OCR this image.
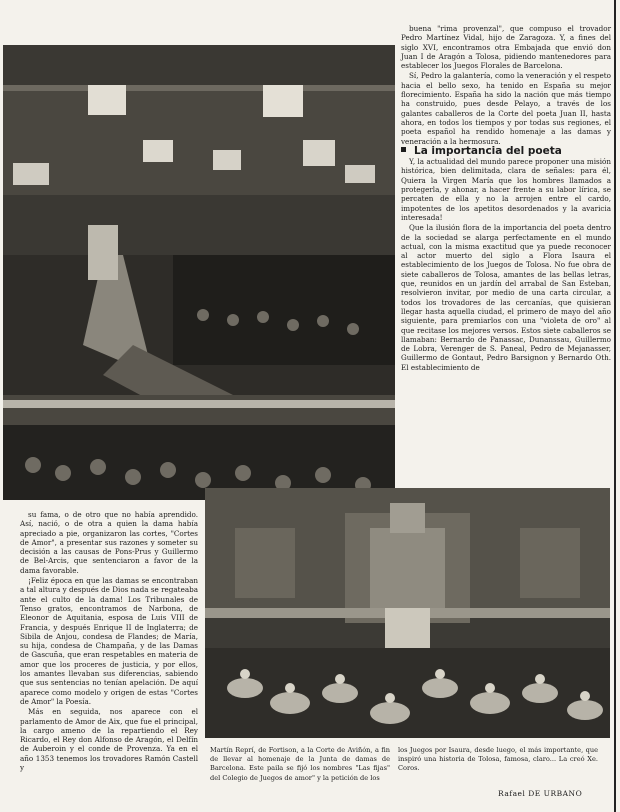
buena "rima provenzal", que compuso el trovador Pedro Martínez Vidal, hijo de Zaragoza. Y, a fines del siglo XVI, encontramos otra Embajada que envió don Juan I de Aragón a Tolosa, pidiendo mantenedores para establecer los Juegos Florales de Barcelona.

Sí, Pedro la galantería, como la veneración y el respeto hacia el bello sexo, ha tenido en España su mejor florecimiento. España ha sido la nación que más tiempo ha construido, pues desde Pelayo, a través de los galantes caballeros de la Corte del poeta Juan II, hasta ahora, en todos los tiempos y por todas sus regiones, el poeta español ha rendido homenaje a las damas y veneración a la hermosura.

La importancia del poeta

Y, la actualidad del mundo parece proponer una misión histórica, bien delimitada, clara de señales: para él, Quiera la Virgen María que los hombres llamados a protegerla, y ahonar, a hacer frente a su labor lírica, se percaten de ella y no la arrojen entre el cardo, impotentes de los apetitos desordenados y la avaricia interesada!

Que la ilusión flora de la importancia del poeta dentro de la sociedad se alarga perfectamente en el mundo actual, con la misma exactitud que ya puede reconocer al actor muerto del siglo a Flora Isaura el establecimiento de los Juegos de Tolosa. No fue obra de siete caballeros de Tolosa, amantes de las bellas letras, que, reunidos en un jardín del arrabal de San Esteban, resolvieron invitar, por medio de una carta circular, a todos los trovadores de las cercanías, que quisieran llegar hasta aquella ciudad, el primero de mayo del año siguiente, para premiarlos con una "violeta de oro" al que recitase los mejores versos. Estos siete caballeros se llamaban: Bernardo de Panassac, Dunanssau, Guillermo de Lobra, Verenger de S. Paneal, Pedro de Mejanasser, Guillermo de Gontaut, Pedro Barsignon y Bernardo Oth. El establecimiento de

su fama, o de otro que no había aprendido. Así, nació, o de otra a quien la dama había apreciado a pie, organizaron las cortes, "Cortes de Amor", a presentar sus razones y someter su decisión a las causas de Pons-Prus y Guillermo de Bel-Arcis, que sentenciaron a favor de la dama favorable.

¡Feliz época en que las damas se encontraban a tal altura y después de Dios nada se regateaba ante el culto de la dama! Los Tribunales de Tenso gratos, encontramos de Narbona, de Eleonor de Aquitania, esposa de Luis VIII de Francia, y después Enrique II de Inglaterra; de Sibila de Anjou, condesa de Flandes; de María, su hija, condesa de Champaña, y de las Damas de Gascuña, que eran respetables en materia de amor que los proceres de justicia, y por ellos, los amantes llevaban sus diferencias, sabiendo que sus sentencias no tenían apelación. De aquí aparece como modelo y origen de estas "Cortes de Amor" la Poesía.

Más en seguida, nos aparece con el parlamento de Amor de Aix, que fue el principal, la cargo ameno de la repartiendo el Rey Ricardo, el Rey don Alfonso de Aragón, el Delfín de Auberoin y el conde de Provenza. Ya en el año 1353 tenemos los trovadores Ramón Castell y

Martín Reprí, de Fortison, a la Corte de Aviñón, a fin de llevar al homenaje de la Junta de damas de Barcelona. Este paila se fijó los nombres "Las fijas" del Colegio de Juegos de amor" y la petición de los
los Juegos por Isaura, desde luego, el más importante, que inspiró una historia de Tolosa, famosa, claro... La creó Xe. Coros.
Rafael DE URBANO
